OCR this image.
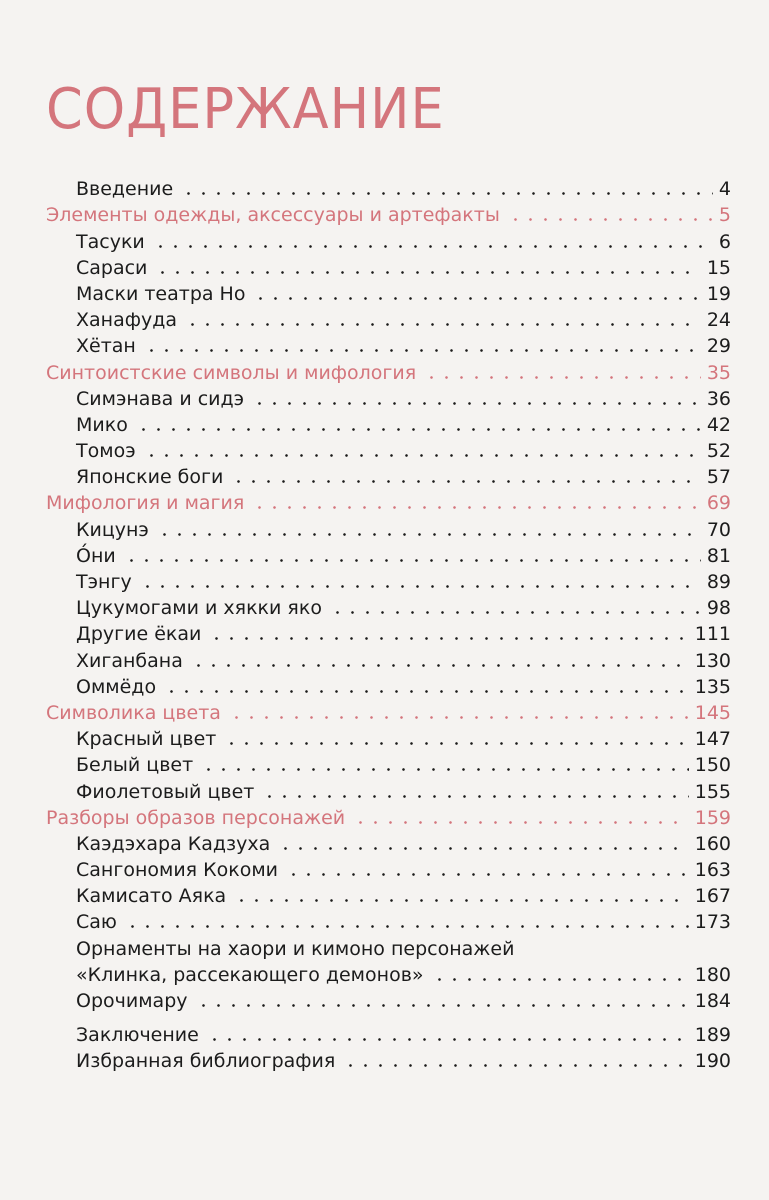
СОДЕРЖАНИЕ
Введение	4
Элементы одежды, аксессуары и артефакты	5
Тасуки	6
Сараси	15
Маски театра Но	19
Ханафуда	24
Хётан	29
Синтоистские символы и мифология	35
Симэнава и сидэ	36
Мико	42
Томоэ	52
Японские боги	57
Мифология и магия	69
Кицунэ	70
О́ни	81
Тэнгу	89
Цукумогами и хякки яко	98
Другие ёкаи	111
Хиганбана	130
Оммёдо	135
Символика цвета	145
Красный цвет	147
Белый цвет	150
Фиолетовый цвет	155
Разборы образов персонажей	159
Каэдэхара Кадзуха	160
Сангономия Кокоми	163
Камисато Аяка	167
Саю	173
Орнаменты на хаори и кимоно персонажей
«Клинка, рассекающего демонов»	180
Орочимару	184
Заключение	189
Избранная библиография	190
